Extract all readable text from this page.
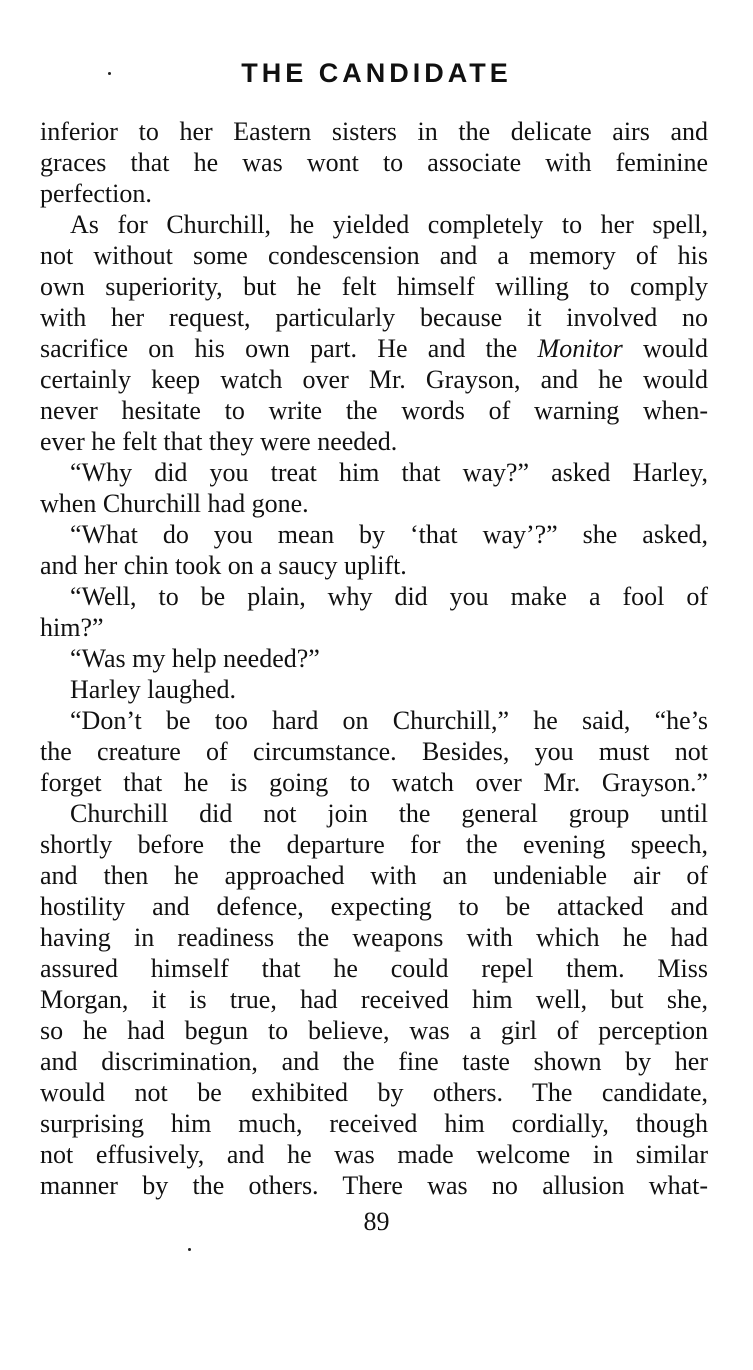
THE CANDIDATE
inferior to her Eastern sisters in the delicate airs and
graces that he was wont to associate with feminine
perfection.
As for Churchill, he yielded completely to her spell,
not without some condescension and a memory of his
own superiority, but he felt himself willing to comply
with her request, particularly because it involved no
sacrifice on his own part. He and the Monitor would
certainly keep watch over Mr. Grayson, and he would
never hesitate to write the words of warning when-
ever he felt that they were needed.
“Why did you treat him that way?” asked Harley,
when Churchill had gone.
“What do you mean by ‘that way’?” she asked,
and her chin took on a saucy uplift.
“Well, to be plain, why did you make a fool of
him?”
“Was my help needed?”
Harley laughed.
“Don’t be too hard on Churchill,” he said, “he’s
the creature of circumstance. Besides, you must not
forget that he is going to watch over Mr. Grayson.”
Churchill did not join the general group until
shortly before the departure for the evening speech,
and then he approached with an undeniable air of
hostility and defence, expecting to be attacked and
having in readiness the weapons with which he had
assured himself that he could repel them. Miss
Morgan, it is true, had received him well, but she,
so he had begun to believe, was a girl of perception
and discrimination, and the fine taste shown by her
would not be exhibited by others. The candidate,
surprising him much, received him cordially, though
not effusively, and he was made welcome in similar
manner by the others. There was no allusion what-
89
